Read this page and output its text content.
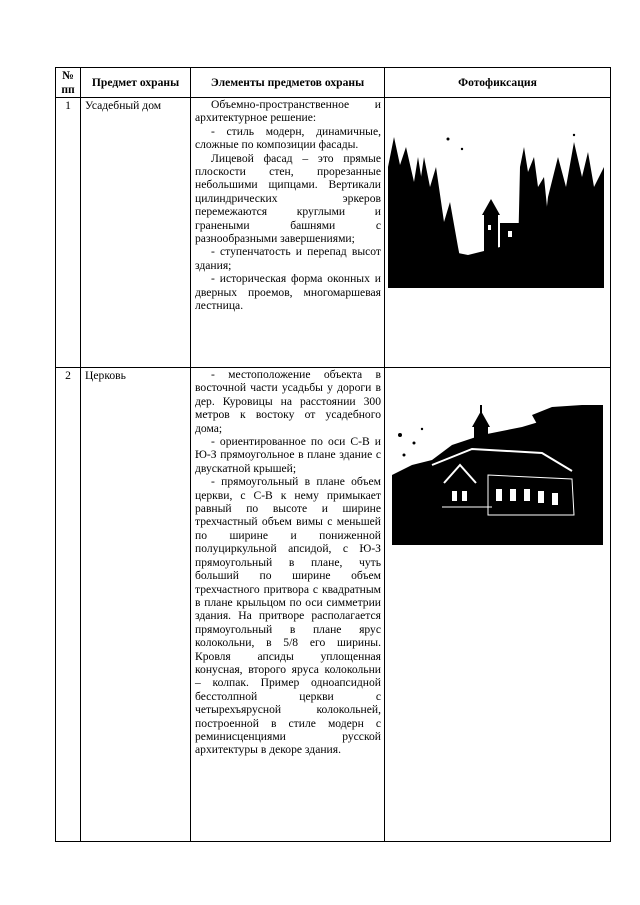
№ пп	Предмет охраны	Элементы предметов охраны	Фотофиксация
1	Усадебный дом	Объемно-пространственное и архитектурное решение:

- стиль модерн, динамичные, сложные по композиции фасады.

Лицевой фасад – это прямые плоскости стен, прорезанные небольшими щипцами. Вертикали цилиндрических эркеров перемежаются круглыми и гранеными башнями с разнообразными завершениями;

- ступенчатость и перепад высот здания;

- историческая форма оконных и дверных проемов, многомаршевая лестница.

2	Церковь	- местоположение объекта в восточной части усадьбы у дороги в дер. Куровицы на расстоянии 300 метров к востоку от усадебного дома;

- ориентированное по оси С-В и Ю-З прямоугольное в плане здание с двускатной крышей;

- прямоугольный в плане объем церкви, с С-В к нему примыкает равный по высоте и ширине трехчастный объем вимы с меньшей по ширине и пониженной полуциркульной апсидой, с Ю-З прямоугольный в плане, чуть больший по ширине объем трехчастного притвора с квадратным в плане крыльцом по оси симметрии здания. На притворе располагается прямоугольный в плане ярус колокольни, в 5/8 его ширины. Кровля апсиды уплощенная конусная, второго яруса колокольни – колпак. Пример одноапсидной бесстолпной церкви с четырехъярусной колокольней, построенной в стиле модерн с реминисценциями русской архитектуры в декоре здания.
